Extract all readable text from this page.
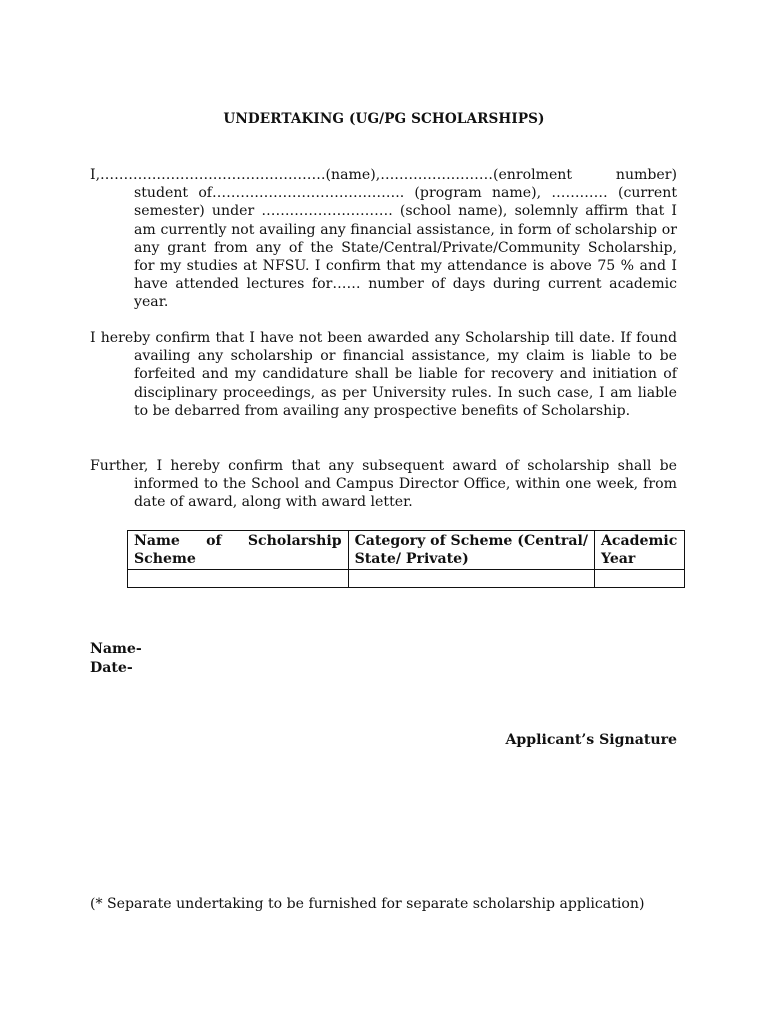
UNDERTAKING (UG/PG SCHOLARSHIPS)
I,…………………………………………(name),……………………(enrolment number) student of………………………………….. (program name), ………… (current semester) under ………………………. (school name), solemnly affirm that I am currently not availing any financial assistance, in form of scholarship or any grant from any of the State/Central/Private/Community Scholarship, for my studies at NFSU. I confirm that my attendance is above 75 % and I have attended lectures for…… number of days during current academic year.
I hereby confirm that I have not been awarded any Scholarship till date. If found availing any scholarship or financial assistance, my claim is liable to be forfeited and my candidature shall be liable for recovery and initiation of disciplinary proceedings, as per University rules. In such case, I am liable to be debarred from availing any prospective benefits of Scholarship.
Further, I hereby confirm that any subsequent award of scholarship shall be informed to the School and Campus Director Office, within one week, from date of award, along with award letter.
Name of Scholarship Scheme	Category of Scheme (Central/ State/ Private)	Academic Year

Name-
Date-
Applicant’s Signature
(* Separate undertaking to be furnished for separate scholarship application)
